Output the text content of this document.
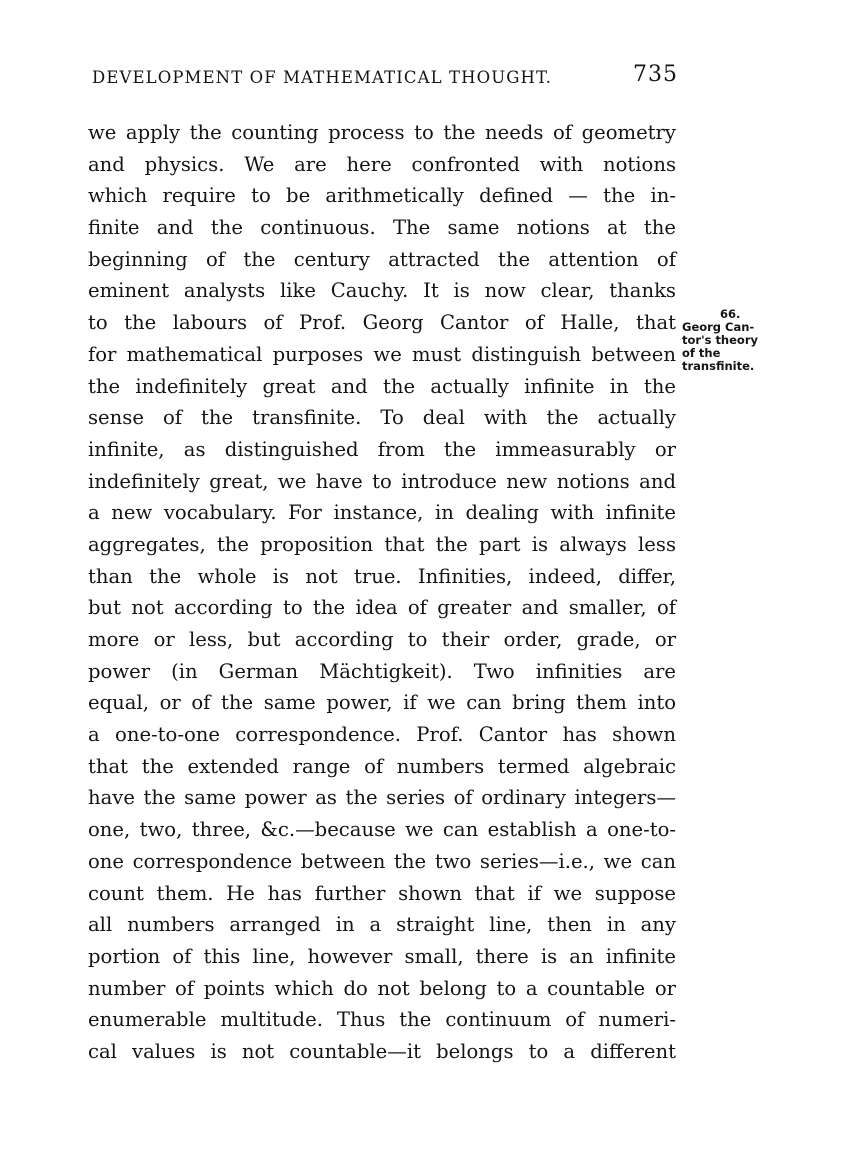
DEVELOPMENT OF MATHEMATICAL THOUGHT.	735
we apply the counting process to the needs of geometry
and physics. We are here confronted with notions
which require to be arithmetically defined — the in-
finite and the continuous. The same notions at the
beginning of the century attracted the attention of
eminent analysts like Cauchy. It is now clear, thanks
to the labours of Prof. Georg Cantor of Halle, that
for mathematical purposes we must distinguish between
the indefinitely great and the actually infinite in the
sense of the transfinite. To deal with the actually
infinite, as distinguished from the immeasurably or
indefinitely great, we have to introduce new notions and
a new vocabulary. For instance, in dealing with infinite
aggregates, the proposition that the part is always less
than the whole is not true. Infinities, indeed, differ,
but not according to the idea of greater and smaller, of
more or less, but according to their order, grade, or
power (in German Mächtigkeit). Two infinities are
equal, or of the same power, if we can bring them into
a one-to-one correspondence. Prof. Cantor has shown
that the extended range of numbers termed algebraic
have the same power as the series of ordinary integers—
one, two, three, &c.—because we can establish a one-to-
one correspondence between the two series—i.e., we can
count them. He has further shown that if we suppose
all numbers arranged in a straight line, then in any
portion of this line, however small, there is an infinite
number of points which do not belong to a countable or
enumerable multitude. Thus the continuum of numeri-
cal values is not countable—it belongs to a different
66.
Georg Can-
tor's theory
of the
transfinite.
